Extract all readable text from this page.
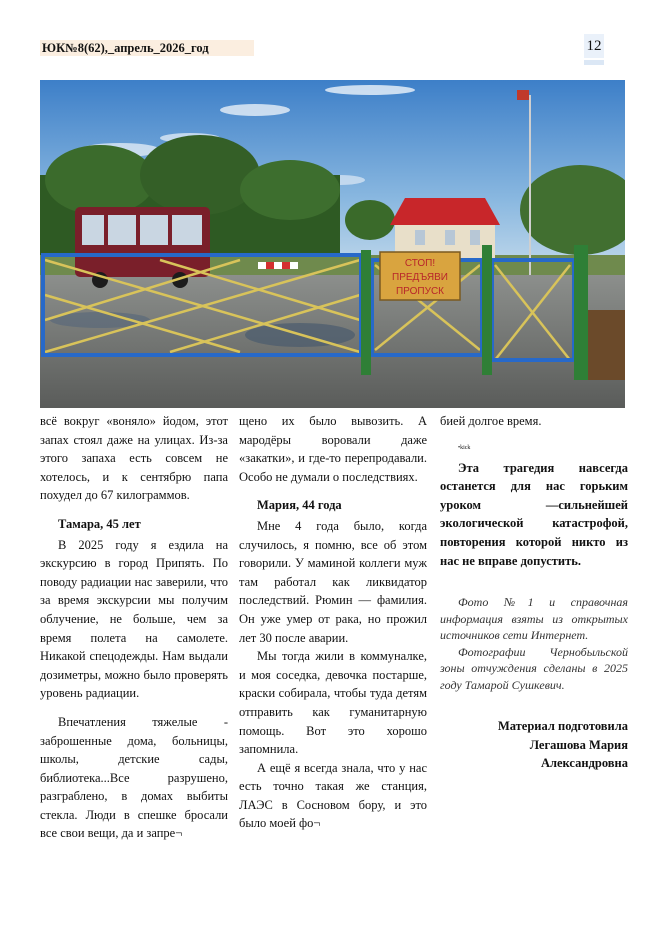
ЮК№8(62),_апрель_2026_год	12
СТОП!
ПРЕДЪЯВИ
ПРОПУСК

всё вокруг «воняло» йодом, этот запах стоял даже на улицах. Из-за этого запаха есть совсем не хотелось, и к сентябрю папа похудел до 67 килограммов.

Тамара, 45 лет

В 2025 году я ездила на экскурсию в город Припять. По поводу радиации нас заверили, что за время экскурсии мы получим облучение, не больше, чем за время полета на самолете. Никакой спецодежды. Нам выдали дозиметры, можно было проверять уровень радиации.

Впечатления тяжелые - заброшенные дома, больницы, школы, детские сады, библиотека...Все разрушено, разграблено, в домах выбиты стекла. Люди в спешке бросали все свои вещи, да и запре¬

щено их было вывозить. А мародёры воровали даже «закатки», и где-то перепродавали. Особо не думали о последствиях.

Мария, 44 года

Мне 4 года было, когда случилось, я помню, все об этом говорили. У маминой коллеги муж там работал как ликвидатор последствий. Рюмин — фамилия. Он уже умер от рака, но прожил лет 30 после аварии.

Мы тогда жили в коммуналке, и моя соседка, девочка постарше, краски собирала, чтобы туда детям отправить как гуманитарную помощь. Вот это хорошо запомнила.

А ещё я всегда знала, что у нас есть точно такая же станция, ЛАЭС в Сосновом бору, и это было моей фо¬

бией долгое время.

•kick

Эта трагедия навсегда останется для нас горьким уроком —сильнейшей экологической катастрофой, повторения которой никто из нас не вправе допустить.

Фото №1 и справочная информация взяты из открытых источников сети Интернет.

Фотографии Чернобыльской зоны отчуждения сделаны в 2025 году Тамарой Сушкевич.

Материал подготовила

Легашова Мария

Александровна
